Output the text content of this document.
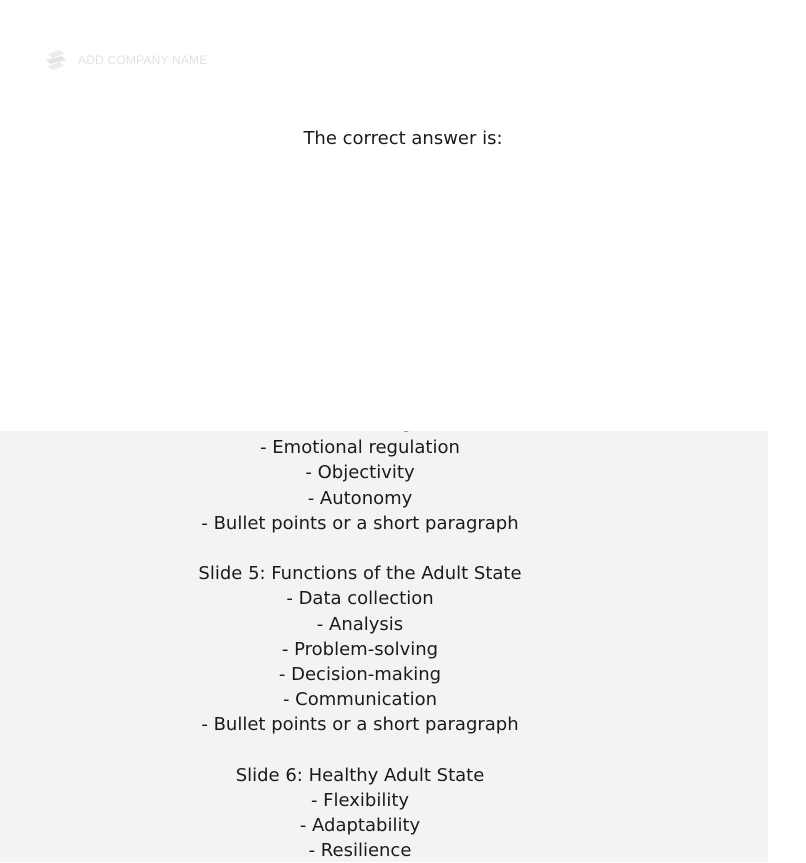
ADD COMPANY NAME
The correct answer is:
- Emotional regulation
- Objectivity
- Autonomy
- Bullet points or a short paragraph
Slide 5: Functions of the Adult State
- Data collection
- Analysis
- Problem-solving
- Decision-making
- Communication
- Bullet points or a short paragraph
Slide 6: Healthy Adult State
- Flexibility
- Adaptability
- Resilience
